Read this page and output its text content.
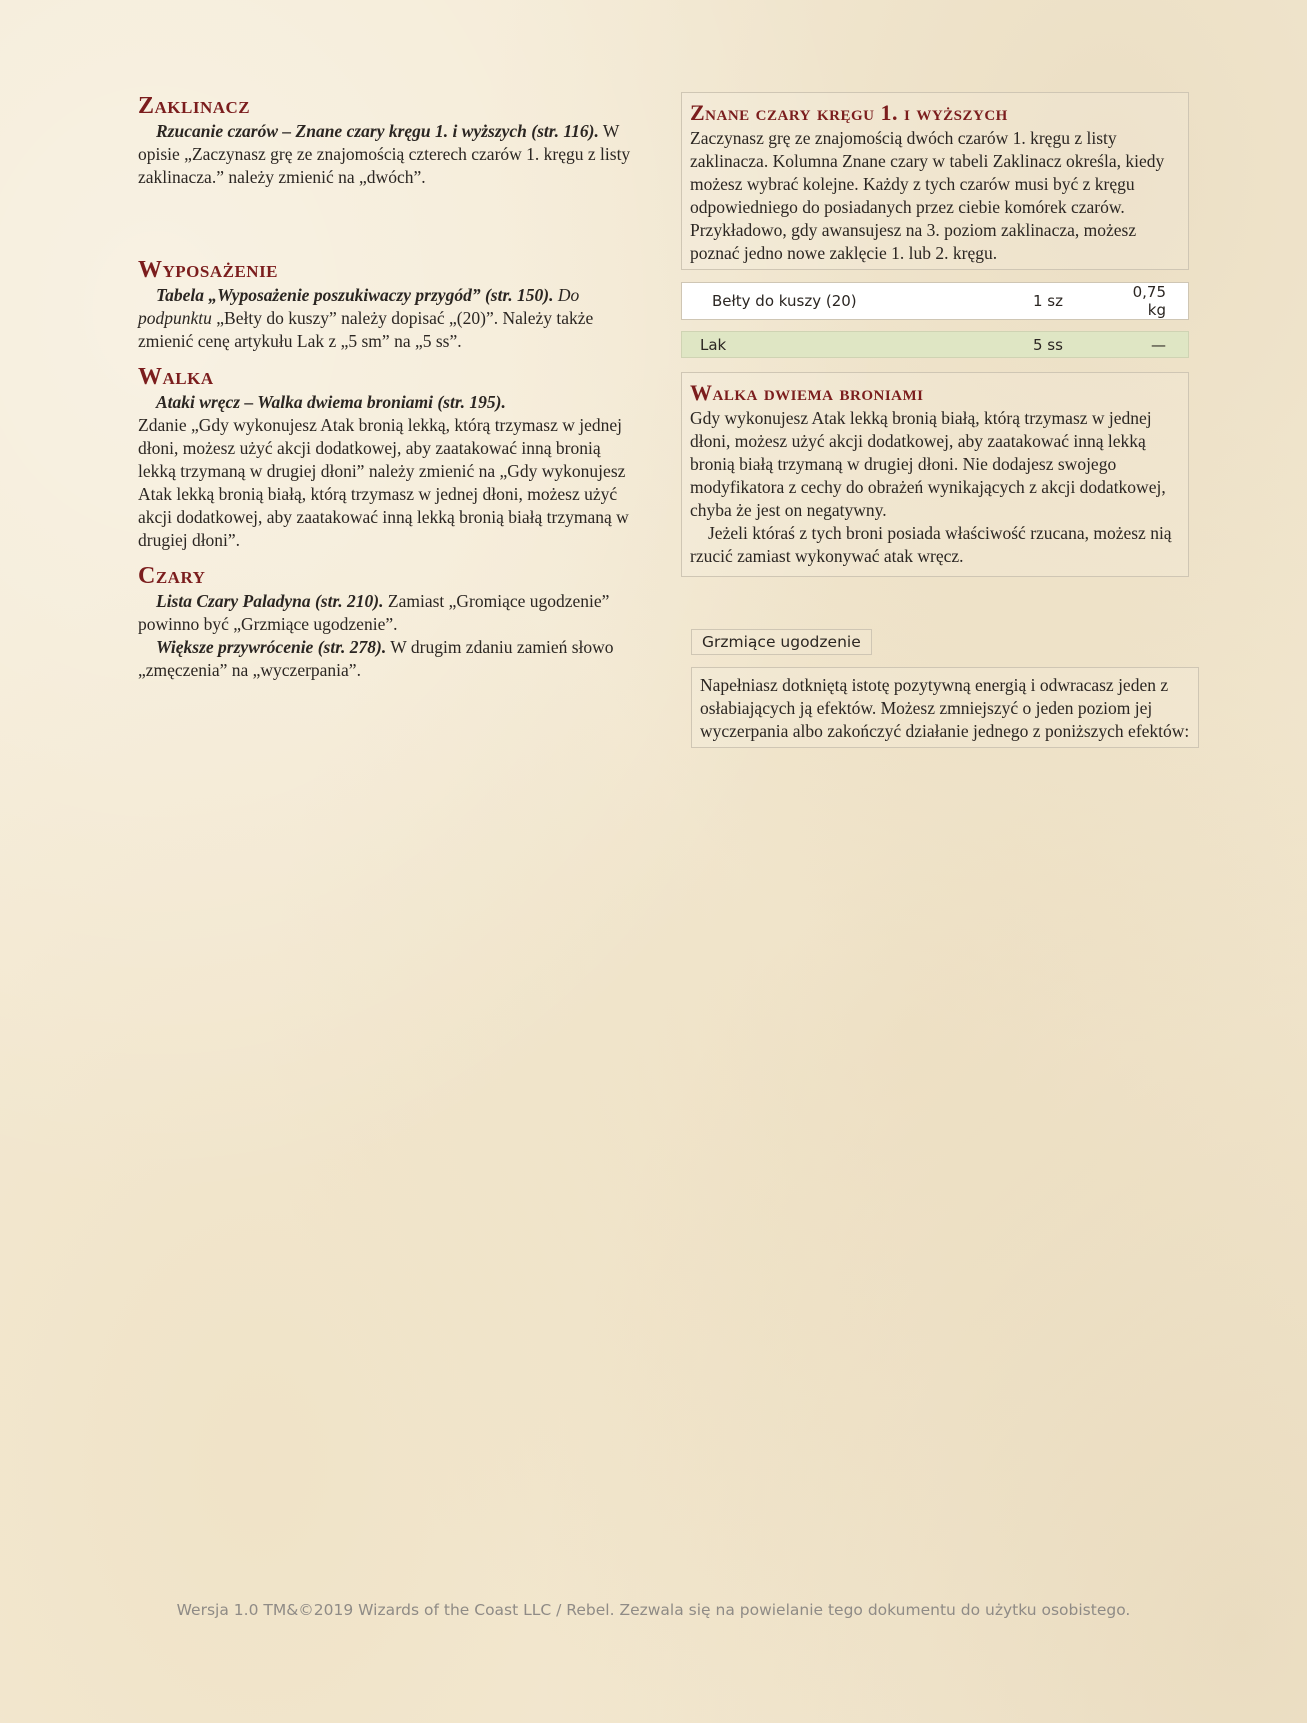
Zaklinacz

Rzucanie czarów – Znane czary kręgu 1. i wyższych (str. 116). W opisie „Zaczynasz grę ze znajomością czterech czarów 1. kręgu z listy zaklinacza.” należy zmienić na „dwóch”.

Wyposażenie

Tabela „Wyposażenie poszukiwaczy przygód” (str. 150). Do podpunktu „Bełty do kuszy” należy dopisać „(20)”. Należy także zmienić cenę artykułu Lak z „5 sm” na „5 ss”.

Walka

Ataki wręcz – Walka dwiema broniami (str. 195).

Zdanie „Gdy wykonujesz Atak bronią lekką, którą trzymasz w jednej dłoni, możesz użyć akcji dodatkowej, aby zaatakować inną bronią lekką trzymaną w drugiej dłoni” należy zmienić na „Gdy wykonujesz Atak lekką bronią białą, którą trzymasz w jednej dłoni, możesz użyć akcji dodatkowej, aby zaatakować inną lekką bronią białą trzymaną w drugiej dłoni”.

Czary

Lista Czary Paladyna (str. 210). Zamiast „Gromiące ugodzenie” powinno być „Grzmiące ugodzenie”.

Większe przywrócenie (str. 278). W drugim zdaniu zamień słowo „zmęczenia” na „wyczerpania”.

Znane czary kręgu 1. i wyższych

Zaczynasz grę ze znajomością dwóch czarów 1. kręgu z listy zaklinacza. Kolumna Znane czary w tabeli Zaklinacz określa, kiedy możesz wybrać kolejne. Każdy z tych czarów musi być z kręgu odpowiedniego do posiadanych przez ciebie komórek czarów. Przykładowo, gdy awansujesz na 3. poziom zaklinacza, możesz poznać jedno nowe zaklęcie 1. lub 2. kręgu.

Bełty do kuszy (20)	1 sz	0,75 kg

Lak	5 ss	—
Walka dwiema broniami

Gdy wykonujesz Atak lekką bronią białą, którą trzymasz w jednej dłoni, możesz użyć akcji dodatkowej, aby zaatakować inną lekką bronią białą trzymaną w drugiej dłoni. Nie dodajesz swojego modyfikatora z cechy do obrażeń wynikających z akcji dodatkowej, chyba że jest on negatywny.

Jeżeli któraś z tych broni posiada właściwość rzucana, możesz nią rzucić zamiast wykonywać atak wręcz.

Grzmiące ugodzenie

Napełniasz dotkniętą istotę pozytywną energią i odwracasz jeden z osłabiających ją efektów. Możesz zmniejszyć o jeden poziom jej wyczerpania albo zakończyć działanie jednego z poniższych efektów:

Wersja 1.0 TM&©2019 Wizards of the Coast LLC / Rebel. Zezwala się na powielanie tego dokumentu do użytku osobistego.
